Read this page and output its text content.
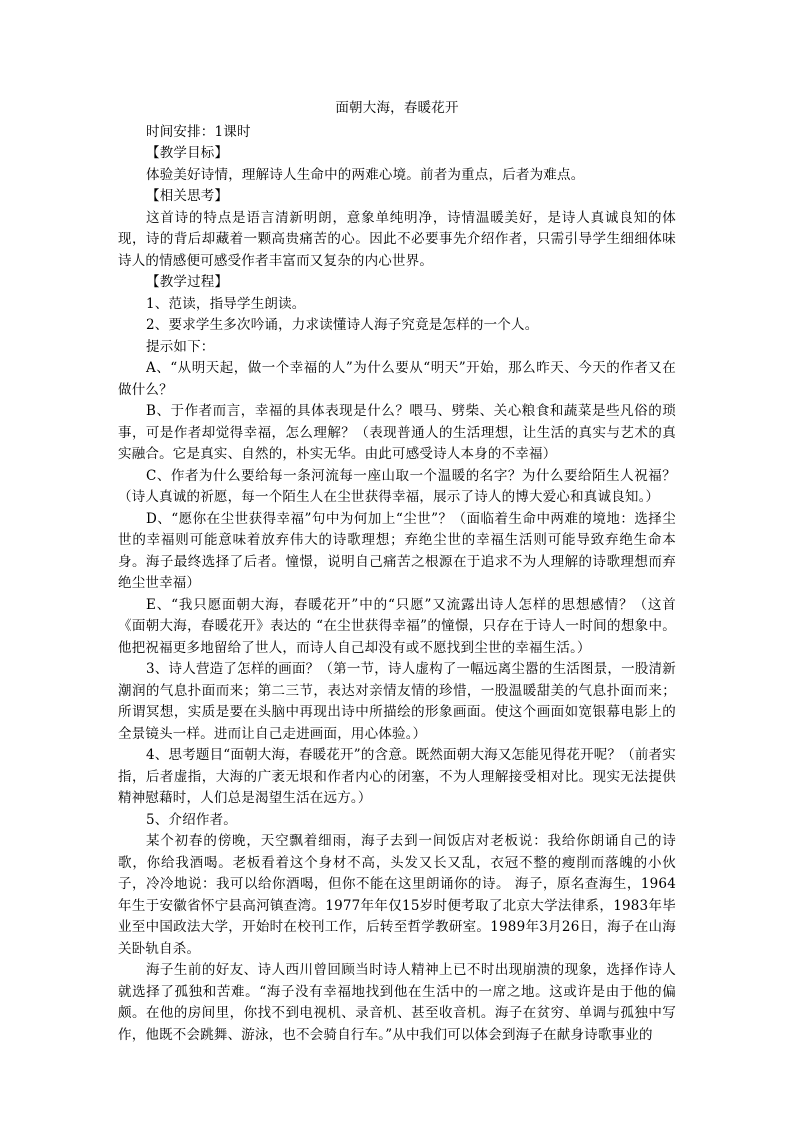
面朝大海，春暖花开
时间安排：1课时
【教学目标】
体验美好诗情，理解诗人生命中的两难心境。前者为重点，后者为难点。
【相关思考】
这首诗的特点是语言清新明朗，意象单纯明净，诗情温暖美好，是诗人真诚良知的体现，诗的背后却藏着一颗高贵痛苦的心。因此不必要事先介绍作者，只需引导学生细细体味诗人的情感便可感受作者丰富而又复杂的内心世界。
【教学过程】
1、范读，指导学生朗读。
2、要求学生多次吟诵，力求读懂诗人海子究竟是怎样的一个人。
提示如下：
A、“从明天起，做一个幸福的人”为什么要从“明天”开始，那么昨天、今天的作者又在做什么？
B、于作者而言，幸福的具体表现是什么？喂马、劈柴、关心粮食和蔬菜是些凡俗的琐事，可是作者却觉得幸福，怎么理解？（表现普通人的生活理想，让生活的真实与艺术的真实融合。它是真实、自然的，朴实无华。由此可感受诗人本身的不幸福）
C、作者为什么要给每一条河流每一座山取一个温暖的名字？为什么要给陌生人祝福？（诗人真诚的祈愿，每一个陌生人在尘世获得幸福，展示了诗人的博大爱心和真诚良知。）
D、“愿你在尘世获得幸福”句中为何加上“尘世”？（面临着生命中两难的境地：选择尘世的幸福则可能意味着放弃伟大的诗歌理想；弃绝尘世的幸福生活则可能导致弃绝生命本身。海子最终选择了后者。憧憬，说明自己痛苦之根源在于追求不为人理解的诗歌理想而弃绝尘世幸福）
E、“我只愿面朝大海，春暖花开”中的“只愿”又流露出诗人怎样的思想感情？（这首《面朝大海，春暖花开》表达的 “在尘世获得幸福”的憧憬，只存在于诗人一时间的想象中。他把祝福更多地留给了世人，而诗人自己却没有或不愿找到尘世的幸福生活。）
3、诗人营造了怎样的画面？（第一节，诗人虚构了一幅远离尘嚣的生活图景，一股清新潮润的气息扑面而来；第二三节，表达对亲情友情的珍惜，一股温暖甜美的气息扑面而来；所谓冥想，实质是要在头脑中再现出诗中所描绘的形象画面。使这个画面如宽银幕电影上的全景镜头一样。进而让自己走进画面，用心体验。）
4、思考题目“面朝大海，春暖花开”的含意。既然面朝大海又怎能见得花开呢？（前者实指，后者虚指，大海的广袤无垠和作者内心的闭塞，不为人理解接受相对比。现实无法提供精神慰藉时，人们总是渴望生活在远方。）
5、介绍作者。
某个初春的傍晚，天空飘着细雨，海子去到一间饭店对老板说：我给你朗诵自己的诗歌，你给我酒喝。老板看着这个身材不高，头发又长又乱，衣冠不整的瘦削而落魄的小伙子，冷冷地说：我可以给你酒喝，但你不能在这里朗诵你的诗。 海子，原名查海生，1964年生于安徽省怀宁县高河镇查湾。1977年年仅15岁时便考取了北京大学法律系，1983年毕业至中国政法大学，开始时在校刊工作，后转至哲学教研室。1989年3月26日，海子在山海关卧轨自杀。
海子生前的好友、诗人西川曾回顾当时诗人精神上已不时出现崩溃的现象，选择作诗人就选择了孤独和苦难。“海子没有幸福地找到他在生活中的一席之地。这或许是由于他的偏颇。在他的房间里，你找不到电视机、录音机、甚至收音机。海子在贫穷、单调与孤独中写作，他既不会跳舞、游泳，也不会骑自行车。”从中我们可以体会到海子在献身诗歌事业的
